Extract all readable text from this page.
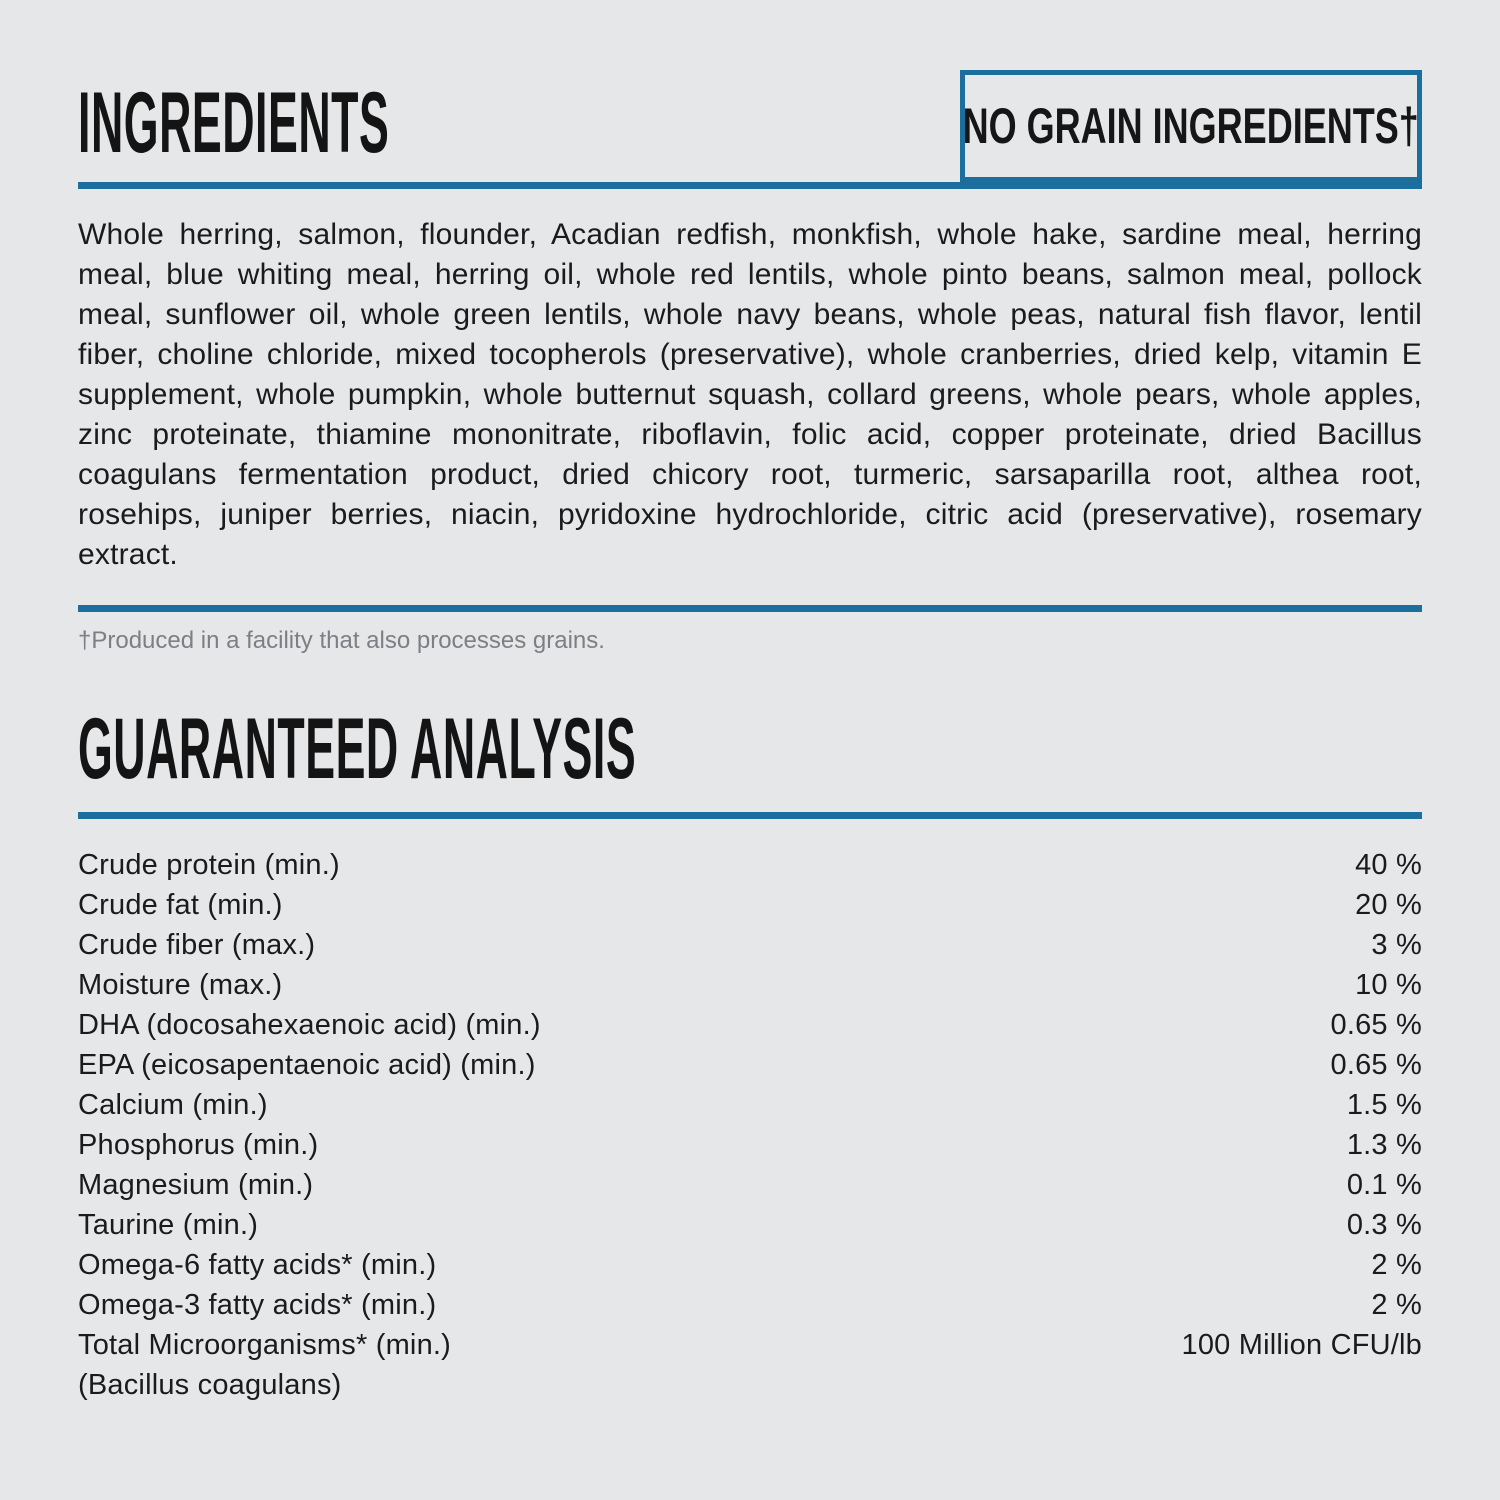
INGREDIENTS	NO GRAIN INGREDIENTS†

Whole herring, salmon, flounder, Acadian redfish, monkfish, whole hake, sardine meal, herring meal, blue whiting meal, herring oil, whole red lentils, whole pinto beans, salmon meal, pollock meal, sunflower oil, whole green lentils, whole navy beans, whole peas, natural fish flavor, lentil fiber, choline chloride, mixed tocopherols (preservative), whole cranberries, dried kelp, vitamin E supplement, whole pumpkin, whole butternut squash, collard greens, whole pears, whole apples, zinc proteinate, thiamine mononitrate, riboflavin, folic acid, copper proteinate, dried Bacillus coagulans fermentation product, dried chicory root, turmeric, sarsaparilla root, althea root, rosehips, juniper berries, niacin, pyridoxine hydrochloride, citric acid (preservative), rosemary extract.

†Produced in a facility that also processes grains.
GUARANTEED ANALYSIS
Crude protein (min.)	40 %
Crude fat (min.)	20 %
Crude fiber (max.)	3 %
Moisture (max.)	10 %
DHA (docosahexaenoic acid) (min.)	0.65 %
EPA (eicosapentaenoic acid) (min.)	0.65 %
Calcium (min.)	1.5 %
Phosphorus (min.)	1.3 %
Magnesium (min.)	0.1 %
Taurine (min.)	0.3 %
Omega-6 fatty acids* (min.)	2 %
Omega-3 fatty acids* (min.)	2 %
Total Microorganisms* (min.)	100 Million CFU/lb
(Bacillus coagulans)
